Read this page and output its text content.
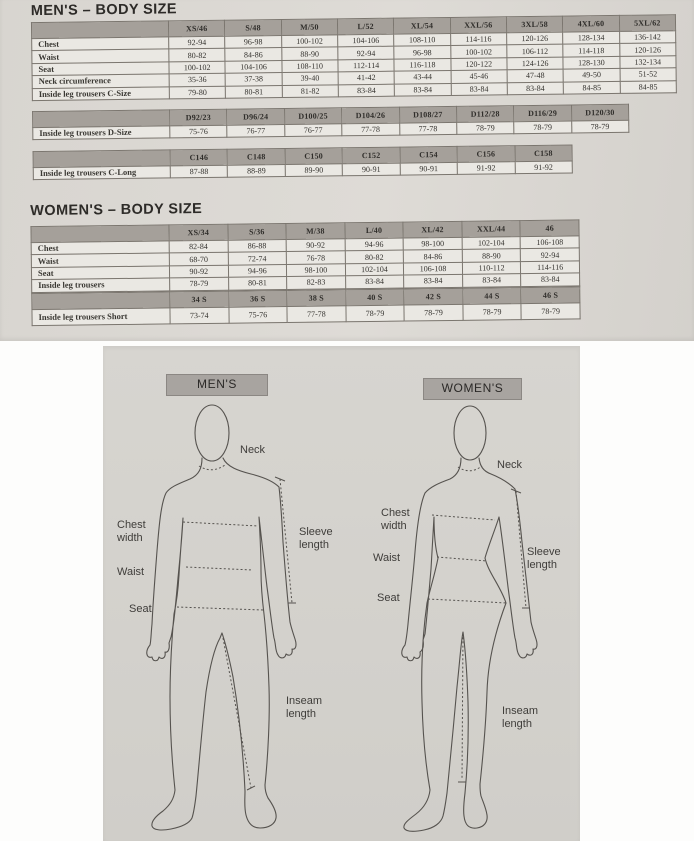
MEN'S – BODY SIZE
	XS/46	S/48	M/50	L/52	XL/54	XXL/56	3XL/58	4XL/60	5XL/62
Chest	92-94	96-98	100-102	104-106	108-110	114-116	120-126	128-134	136-142
Waist	80-82	84-86	88-90	92-94	96-98	100-102	106-112	114-118	120-126
Seat	100-102	104-106	108-110	112-114	116-118	120-122	124-126	128-130	132-134
Neck circumference	35-36	37-38	39-40	41-42	43-44	45-46	47-48	49-50	51-52
Inside leg trousers C-Size	79-80	80-81	81-82	83-84	83-84	83-84	83-84	84-85	84-85
	D92/23	D96/24	D100/25	D104/26	D108/27	D112/28	D116/29	D120/30
Inside leg trousers D-Size	75-76	76-77	76-77	77-78	77-78	78-79	78-79	78-79
	C146	C148	C150	C152	C154	C156	C158
Inside leg trousers C-Long	87-88	88-89	89-90	90-91	90-91	91-92	91-92
WOMEN'S – BODY SIZE
	XS/34	S/36	M/38	L/40	XL/42	XXL/44	46
Chest	82-84	86-88	90-92	94-96	98-100	102-104	106-108
Waist	68-70	72-74	76-78	80-82	84-86	88-90	92-94
Seat	90-92	94-96	98-100	102-104	106-108	110-112	114-116
Inside leg trousers	78-79	80-81	82-83	83-84	83-84	83-84	83-84
	34 S	36 S	38 S	40 S	42 S	44 S	46 S
Inside leg trousers Short	73-74	75-76	77-78	78-79	78-79	78-79	78-79
MEN'S	WOMEN'S
Neck
Chest width
Waist
Seat
Sleeve length
Inseam length
Neck
Chest width
Waist
Seat
Sleeve length
Inseam length
